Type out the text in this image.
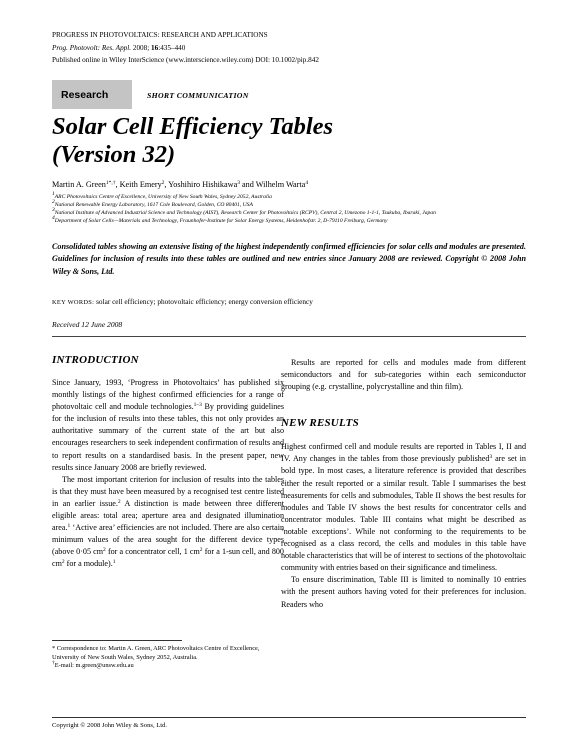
PROGRESS IN PHOTOVOLTAICS: RESEARCH AND APPLICATIONS
Prog. Photovolt: Res. Appl. 2008; 16:435–440
Published online in Wiley InterScience (www.interscience.wiley.com) DOI: 10.1002/pip.842
Research	SHORT COMMUNICATION
Solar Cell Efficiency Tables
(Version 32)
Martin A. Green$^{1*,\dagger}$, Keith Emery$^2$, Yoshihiro Hishikawa$^3$ and Wilhelm Warta$^4$
$^1$ARC Photovoltaics Centre of Excellence, University of New South Wales, Sydney 2052, Australia
$^2$National Renewable Energy Laboratory, 1617 Cole Boulevard, Golden, CO 80401, USA
$^3$National Institute of Advanced Industrial Science and Technology (AIST), Research Center for Photovoltaics (RCPV), Central 2, Umezono 1-1-1, Tsukuba, Ibaraki, Japan
$^4$Department of Solar Cells—Materials and Technology, Fraunhofer-Institute for Solar Energy Systems, Heidenhofstr. 2, D-79110 Freiburg, Germany
Consolidated tables showing an extensive listing of the highest independently confirmed efficiencies for solar cells and modules are presented. Guidelines for inclusion of results into these tables are outlined and new entries since January 2008 are reviewed. Copyright © 2008 John Wiley & Sons, Ltd.
KEY WORDS: solar cell efficiency; photovoltaic efficiency; energy conversion efficiency
Received 12 June 2008
INTRODUCTION

Since January, 1993, ‘Progress in Photovoltaics’ has published six monthly listings of the highest confirmed efficiencies for a range of photovoltaic cell and module technologies.$^{1-3}$ By providing guidelines for the inclusion of results into these tables, this not only provides an authoritative summary of the current state of the art but also encourages researchers to seek independent confirmation of results and to report results on a standardised basis. In the present paper, new results since January 2008 are briefly reviewed.

The most important criterion for inclusion of results into the tables is that they must have been measured by a recognised test centre listed in an earlier issue.$^2$ A distinction is made between three different eligible areas: total area; aperture area and designated illumination area.$^1$ ‘Active area’ efficiencies are not included. There are also certain minimum values of the area sought for the different device types (above 0·05 $cm^2$ for a concentrator cell, 1 $cm^2$ for a 1-sun cell, and 800 $cm^2$ for a module).$^1$

Results are reported for cells and modules made from different semiconductors and for sub-categories within each semiconductor grouping (e.g. crystalline, polycrystalline and thin film).

NEW RESULTS

Highest confirmed cell and module results are reported in Tables I, II and IV. Any changes in the tables from those previously published$^3$ are set in bold type. In most cases, a literature reference is provided that describes either the result reported or a similar result. Table I summarises the best measurements for cells and submodules, Table II shows the best results for modules and Table IV shows the best results for concentrator cells and concentrator modules. Table III contains what might be described as ‘notable exceptions’. While not conforming to the requirements to be recognised as a class record, the cells and modules in this table have notable characteristics that will be of interest to sections of the photovoltaic community with entries based on their significance and timeliness.

To ensure discrimination, Table III is limited to nominally 10 entries with the present authors having voted for their preferences for inclusion. Readers who

* Correspondence to: Martin A. Green, ARC Photovoltaics Centre of Excellence, University of New South Wales, Sydney 2052, Australia.
†E-mail: m.green@unsw.edu.au
Copyright © 2008 John Wiley & Sons, Ltd.
